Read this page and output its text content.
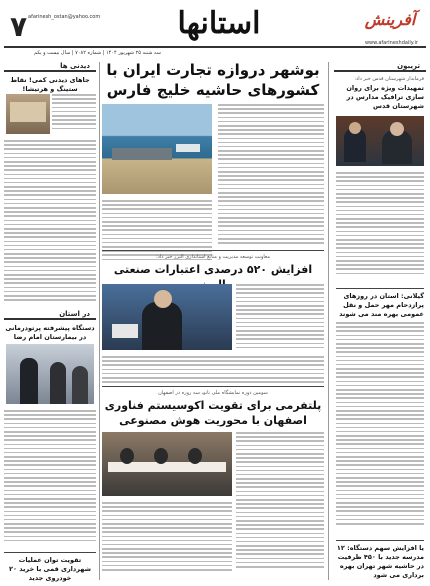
۷ afarinesh_ostan@yahoo.com	استانها	آفرینش
www.afarineshdaily.ir
سه شنبه ۲۵ شهریور ۱۴۰۴ | شماره ۷۰۸۲ | سال بیست و یکم
تریبون
فرماندار شهرستان قدس خبر داد:
تمهیدات ویژه برای روان سازی ترافیک مدارس در شهرستان قدس
گیلانی: استان در روزهای پرازدحام مهر حمل و نقل عمومی بهره مند می شوند
یا افزایش سهم دستگاه: ۱۲ مدرسه جدید با ۴۵۰ ظرفیت در حاشیه شهر تهران بهره برداری می شود
بوشهر دروازه تجارت ایران با کشورهای حاشیه خلیج فارس
معاونت توسعه مدیریت و منابع استانداری البرز خبر داد:
افزایش ۵۲۰ درصدی اعتبارات صنعتی
سومین دوره نمایشگاه ملی نانو، سه روزه در اصفهان
پلتفرمی برای تقویت اکوسیستم فناوری اصفهان با محوریت هوش مصنوعی
دیدنی ها
جاهای دیدنی کمی! نقاط ستینگ و هرتیشا!
در استان
دستگاه پیشرفته پرتودرمانی در بیمارستان امام رضا
تقویت توان عملیات شهرداری قمی با خرید ۲۰ خودروی جدید
